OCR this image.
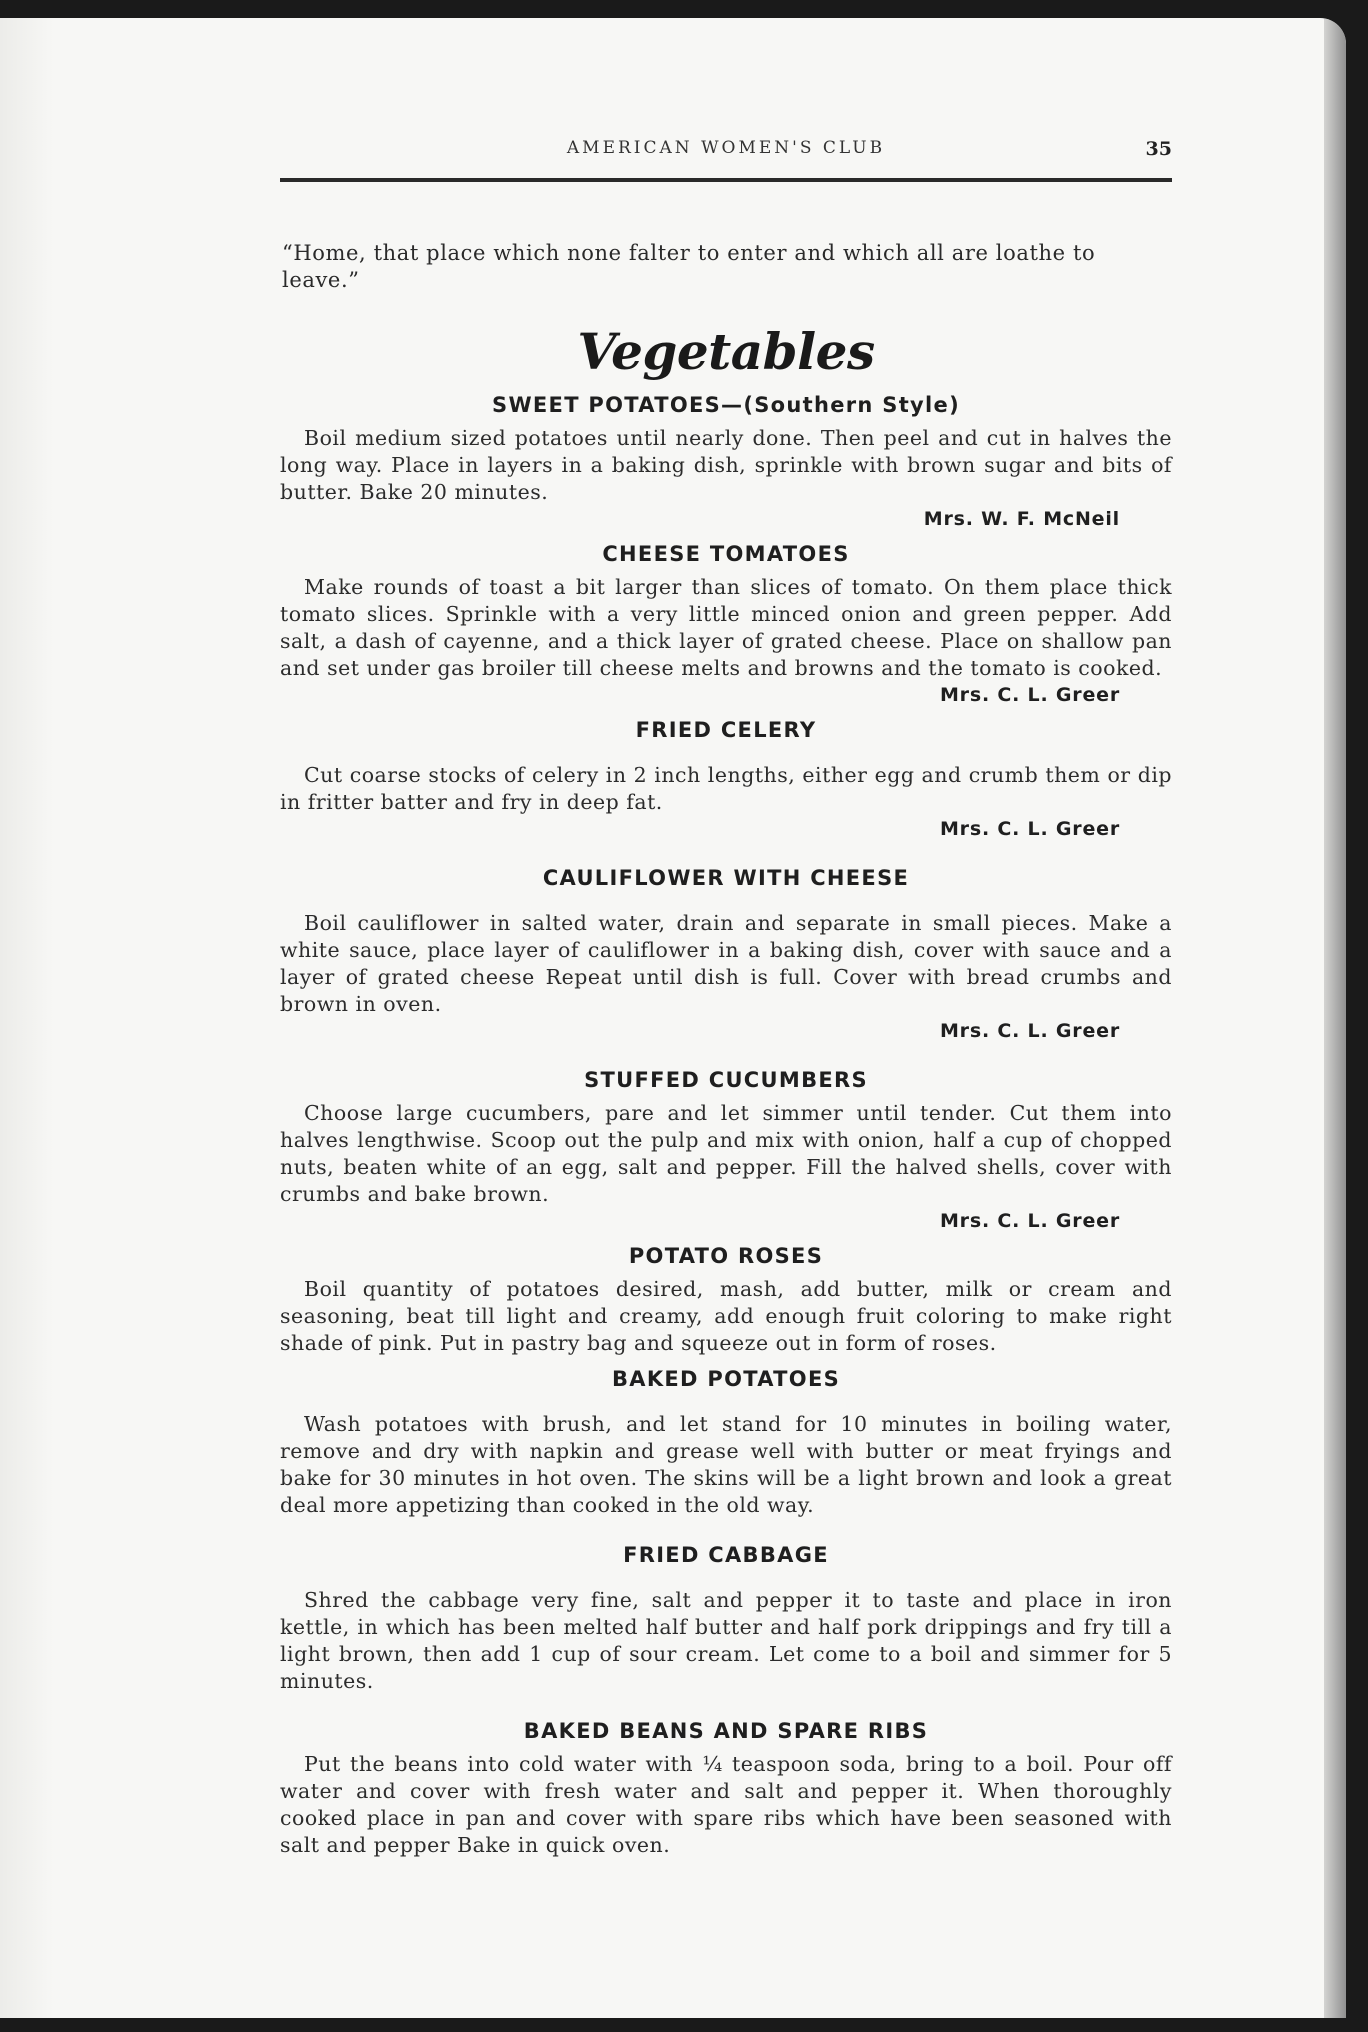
AMERICAN WOMEN'S CLUB	35

“Home, that place which none falter to enter and which all are loathe to leave.”

Vegetables
SWEET POTATOES—(Southern Style)

Boil medium sized potatoes until nearly done. Then peel and cut in halves the long way. Place in layers in a baking dish, sprinkle with brown sugar and bits of butter. Bake 20 minutes.

Mrs. W. F. McNeil
CHEESE TOMATOES

Make rounds of toast a bit larger than slices of tomato. On them place thick tomato slices. Sprinkle with a very little minced onion and green pepper. Add salt, a dash of cayenne, and a thick layer of grated cheese. Place on shallow pan and set under gas broiler till cheese melts and browns and the tomato is cooked.

Mrs. C. L. Greer
FRIED CELERY

Cut coarse stocks of celery in 2 inch lengths, either egg and crumb them or dip in fritter batter and fry in deep fat.

Mrs. C. L. Greer
CAULIFLOWER WITH CHEESE

Boil cauliflower in salted water, drain and separate in small pieces. Make a white sauce, place layer of cauliflower in a baking dish, cover with sauce and a layer of grated cheese Repeat until dish is full. Cover with bread crumbs and brown in oven.

Mrs. C. L. Greer
STUFFED CUCUMBERS

Choose large cucumbers, pare and let simmer until tender. Cut them into halves lengthwise. Scoop out the pulp and mix with onion, half a cup of chopped nuts, beaten white of an egg, salt and pepper. Fill the halved shells, cover with crumbs and bake brown.

Mrs. C. L. Greer
POTATO ROSES

Boil quantity of potatoes desired, mash, add butter, milk or cream and seasoning, beat till light and creamy, add enough fruit coloring to make right shade of pink. Put in pastry bag and squeeze out in form of roses.

BAKED POTATOES

Wash potatoes with brush, and let stand for 10 minutes in boiling water, remove and dry with napkin and grease well with butter or meat fryings and bake for 30 minutes in hot oven. The skins will be a light brown and look a great deal more appetizing than cooked in the old way.

FRIED CABBAGE

Shred the cabbage very fine, salt and pepper it to taste and place in iron kettle, in which has been melted half butter and half pork drippings and fry till a light brown, then add 1 cup of sour cream. Let come to a boil and simmer for 5 minutes.

BAKED BEANS AND SPARE RIBS

Put the beans into cold water with ¼ teaspoon soda, bring to a boil. Pour off water and cover with fresh water and salt and pepper it. When thoroughly cooked place in pan and cover with spare ribs which have been seasoned with salt and pepper Bake in quick oven.
